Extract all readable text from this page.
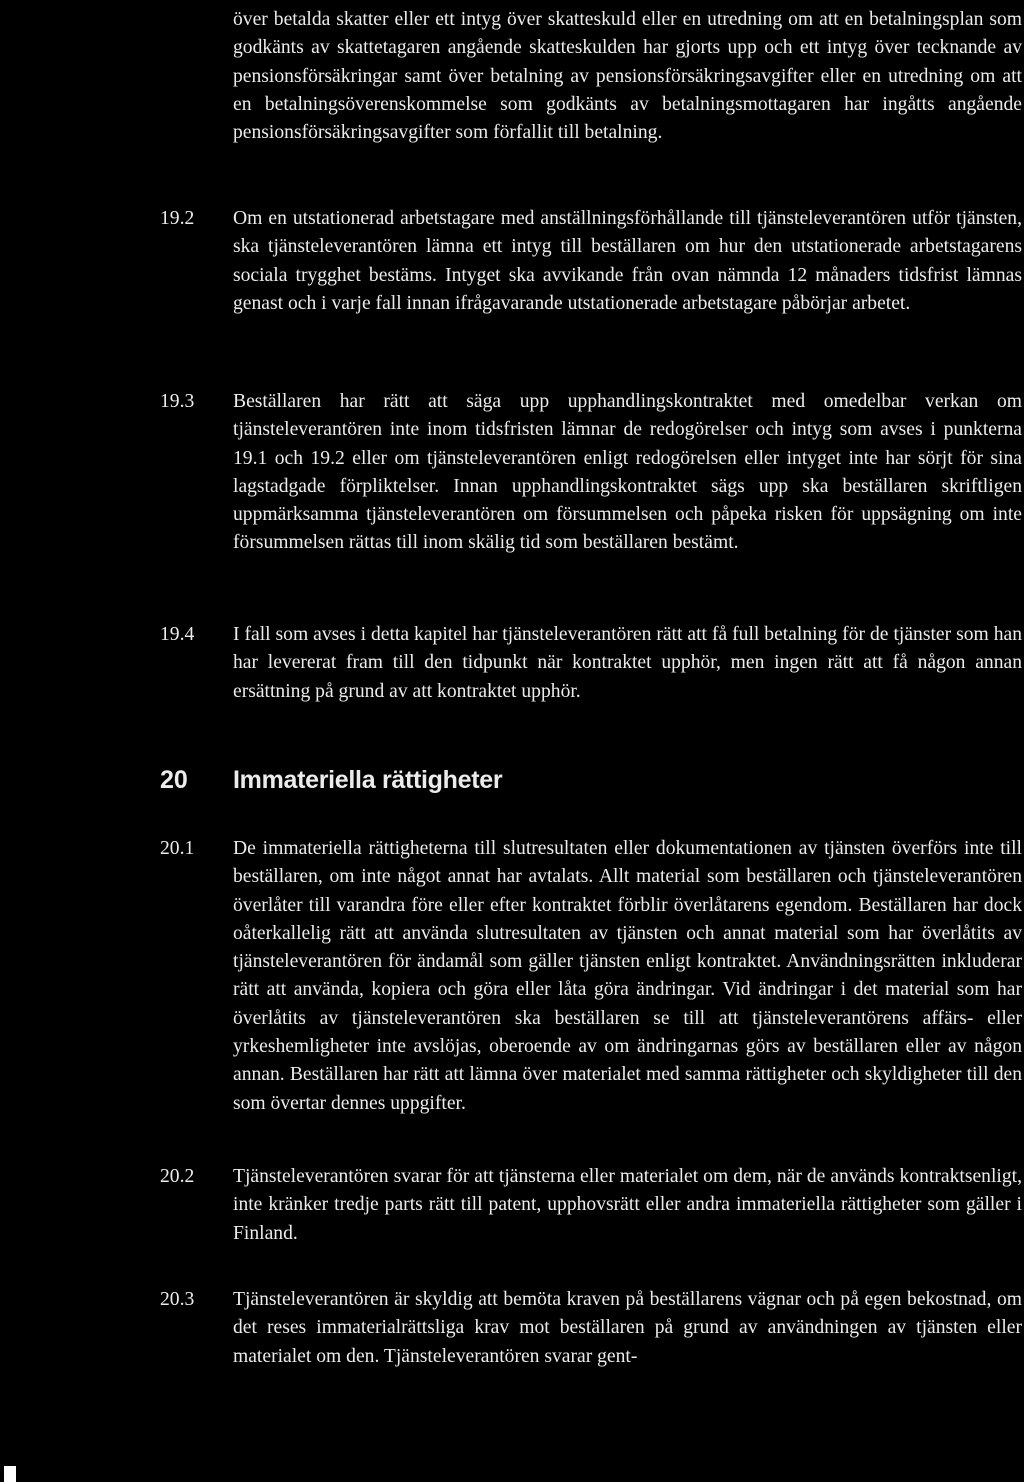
över betalda skatter eller ett intyg över skatteskuld eller en utredning om att en betalningsplan som godkänts av skattetagaren angående skatteskulden har gjorts upp och ett intyg över tecknande av pensionsförsäkringar samt över betalning av pensionsförsäkringsavgifter eller en utredning om att en betalningsöverenskommelse som godkänts av betalningsmottagaren har ingåtts angående pensionsförsäkringsavgifter som förfallit till betalning.

19.2 Om en utstationerad arbetstagare med anställningsförhållande till tjänsteleverantören utför tjänsten, ska tjänsteleverantören lämna ett intyg till beställaren om hur den utstationerade arbetstagarens sociala trygghet bestäms. Intyget ska avvikande från ovan nämnda 12 månaders tidsfrist lämnas genast och i varje fall innan ifrågavarande utstationerade arbetstagare påbörjar arbetet.

19.3 Beställaren har rätt att säga upp upphandlingskontraktet med omedelbar verkan om tjänsteleverantören inte inom tidsfristen lämnar de redogörelser och intyg som avses i punkterna 19.1 och 19.2 eller om tjänsteleverantören enligt redogörelsen eller intyget inte har sörjt för sina lagstadgade förpliktelser. Innan upphandlingskontraktet sägs upp ska beställaren skriftligen uppmärksamma tjänsteleverantören om försummelsen och påpeka risken för uppsägning om inte försummelsen rättas till inom skälig tid som beställaren bestämt.

19.4 I fall som avses i detta kapitel har tjänsteleverantören rätt att få full betalning för de tjänster som han har levererat fram till den tidpunkt när kontraktet upphör, men ingen rätt att få någon annan ersättning på grund av att kontraktet upphör.

20 Immateriella rättigheter

20.1 De immateriella rättigheterna till slutresultaten eller dokumentationen av tjänsten överförs inte till beställaren, om inte något annat har avtalats. Allt material som beställaren och tjänsteleverantören överlåter till varandra före eller efter kontraktet förblir överlåtarens egendom. Beställaren har dock oåterkallelig rätt att använda slutresultaten av tjänsten och annat material som har överlåtits av tjänsteleverantören för ändamål som gäller tjänsten enligt kontraktet. Användningsrätten inkluderar rätt att använda, kopiera och göra eller låta göra ändringar. Vid ändringar i det material som har överlåtits av tjänsteleverantören ska beställaren se till att tjänsteleverantörens affärs- eller yrkeshemligheter inte avslöjas, oberoende av om ändringarnas görs av beställaren eller av någon annan. Beställaren har rätt att lämna över materialet med samma rättigheter och skyldigheter till den som övertar dennes uppgifter.

20.2 Tjänsteleverantören svarar för att tjänsterna eller materialet om dem, när de används kontraktsenligt, inte kränker tredje parts rätt till patent, upphovsrätt eller andra immateriella rättigheter som gäller i Finland.

20.3 Tjänsteleverantören är skyldig att bemöta kraven på beställarens vägnar och på egen bekostnad, om det reses immaterialrättsliga krav mot beställaren på grund av användningen av tjänsten eller materialet om den. Tjänsteleverantören svarar gent-
